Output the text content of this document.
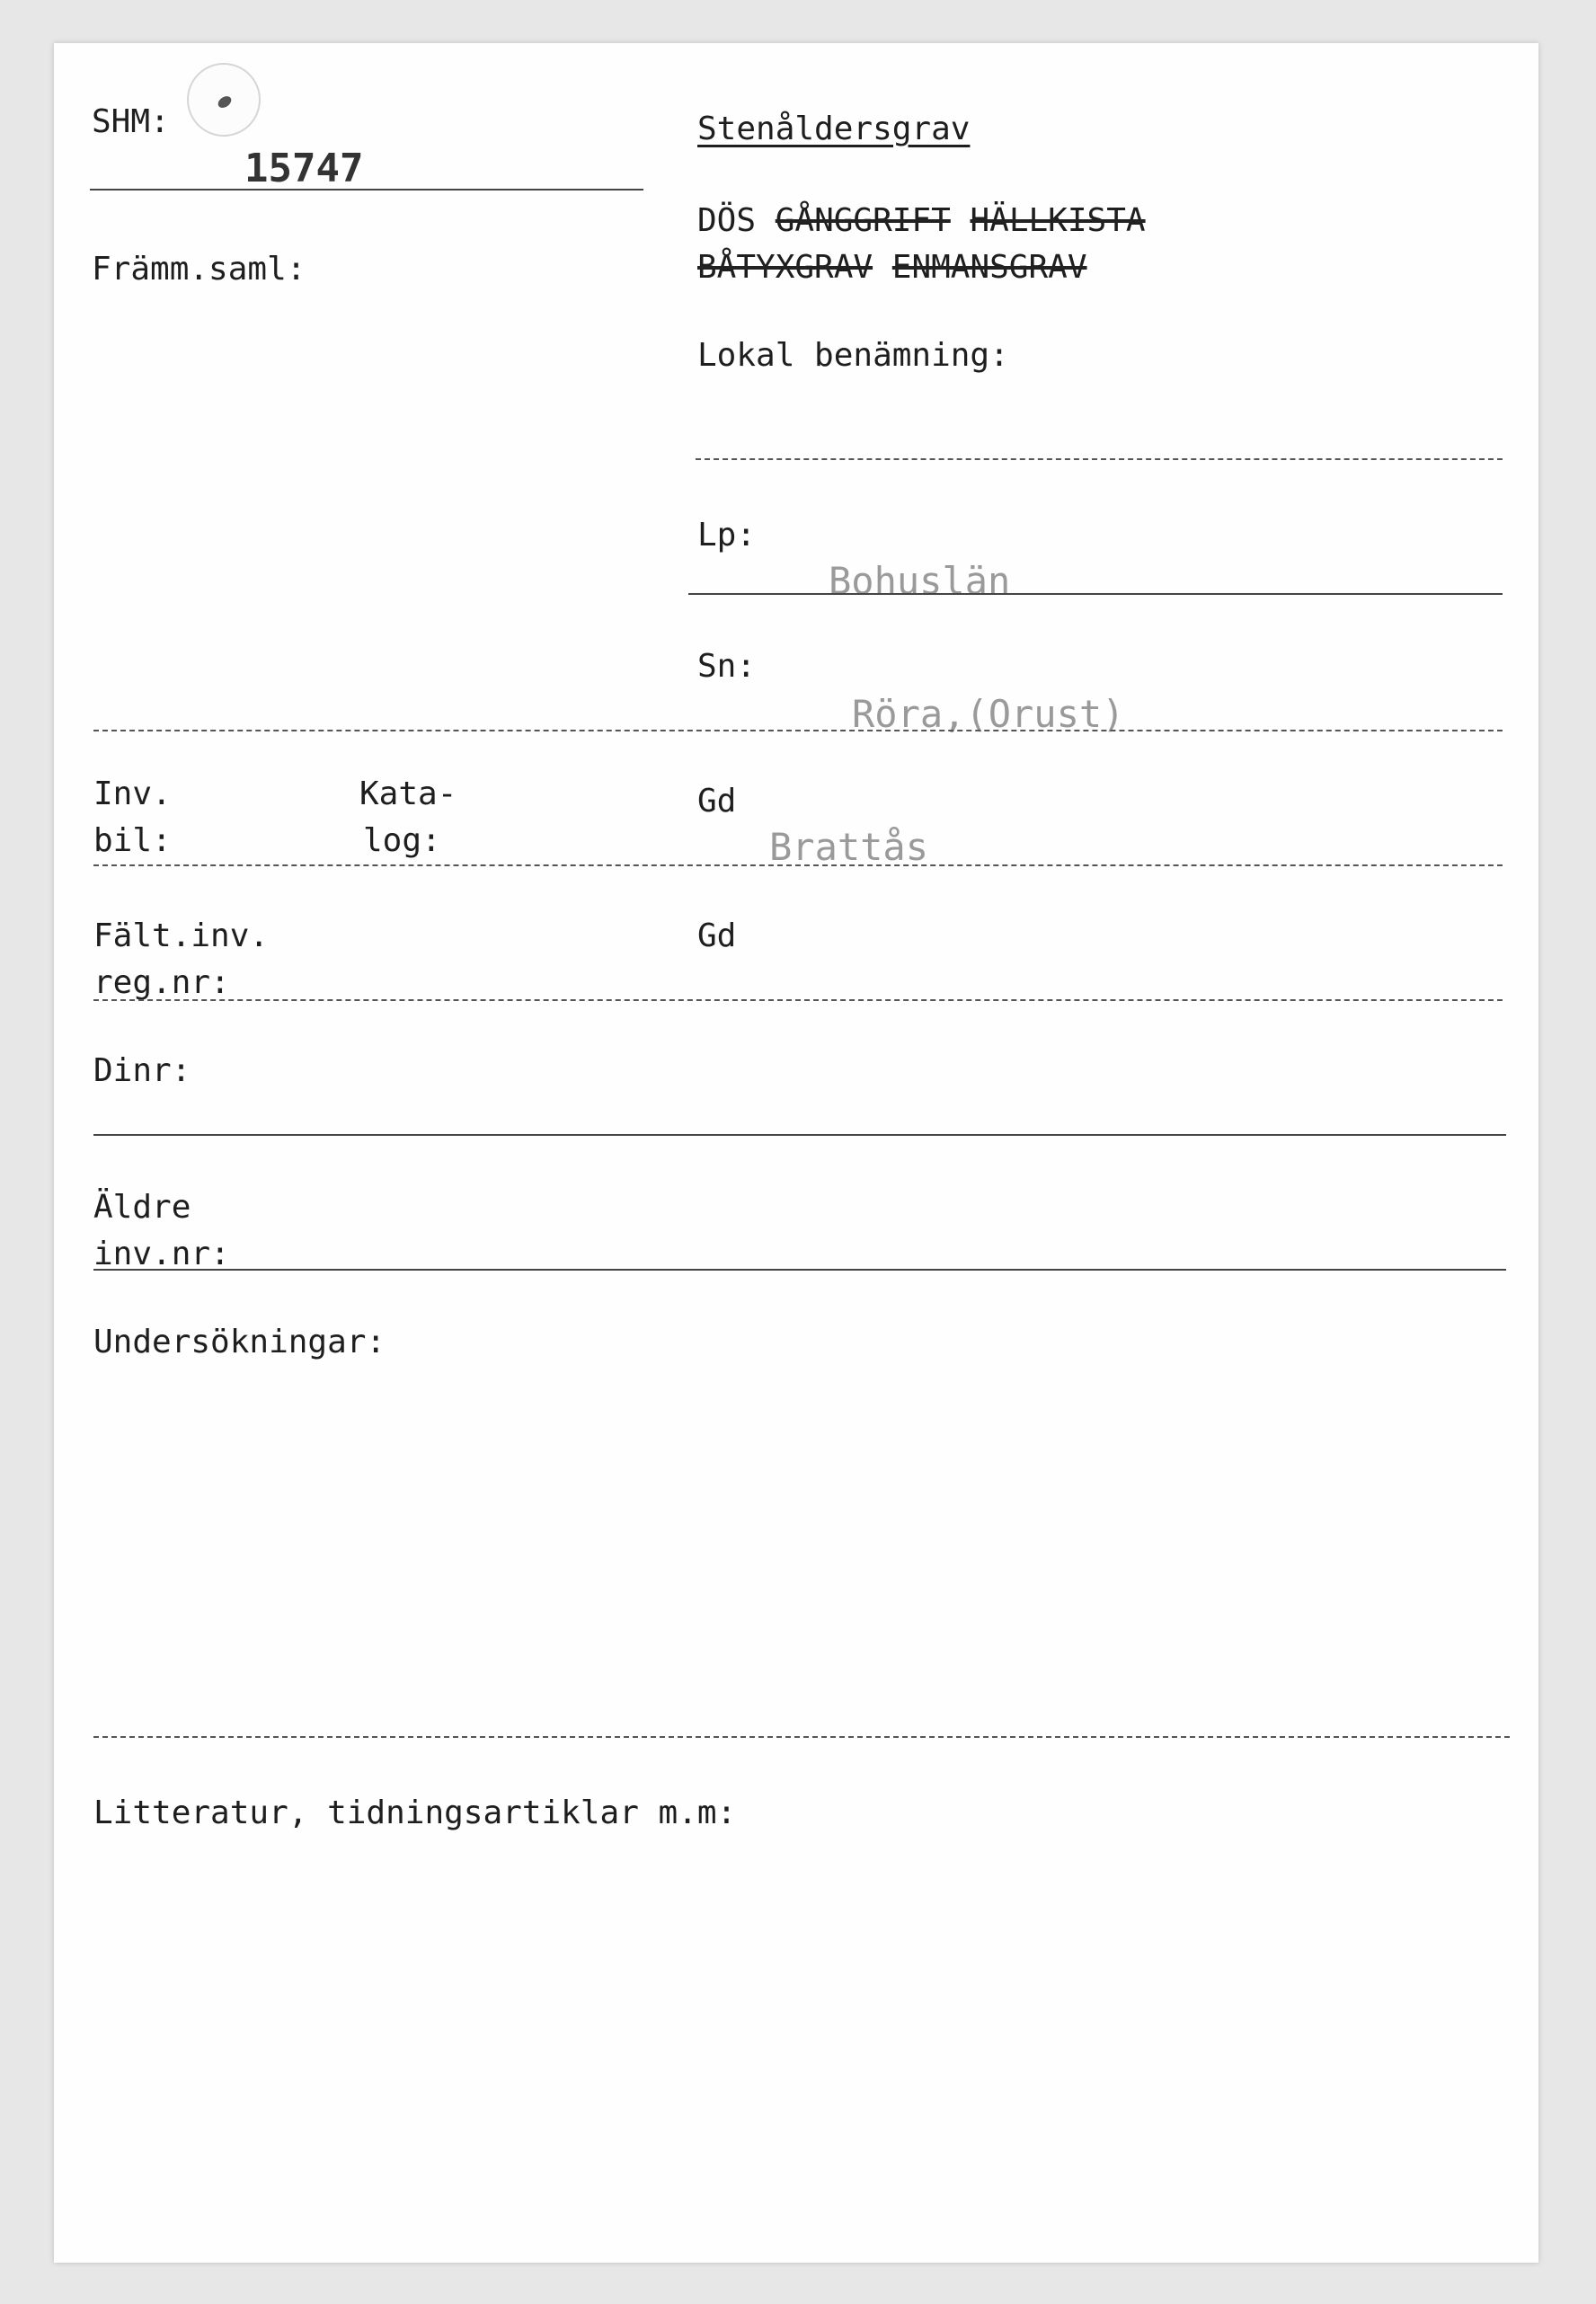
SHM:
15747
Främm.saml:
Stenåldersgrav
DÖS GÅNGGRIFT HÄLLKISTA
BÅTYXGRAV ENMANSGRAV
Lokal benämning:
Lp:
Bohuslän
Sn:
Röra,(Orust)
Inv.
bil:
Kata-
log:
Gd
Brattås
Fält.inv.
reg.nr:
Gd
Dinr:
Äldre
inv.nr:
Undersökningar:
Litteratur, tidningsartiklar m.m:
